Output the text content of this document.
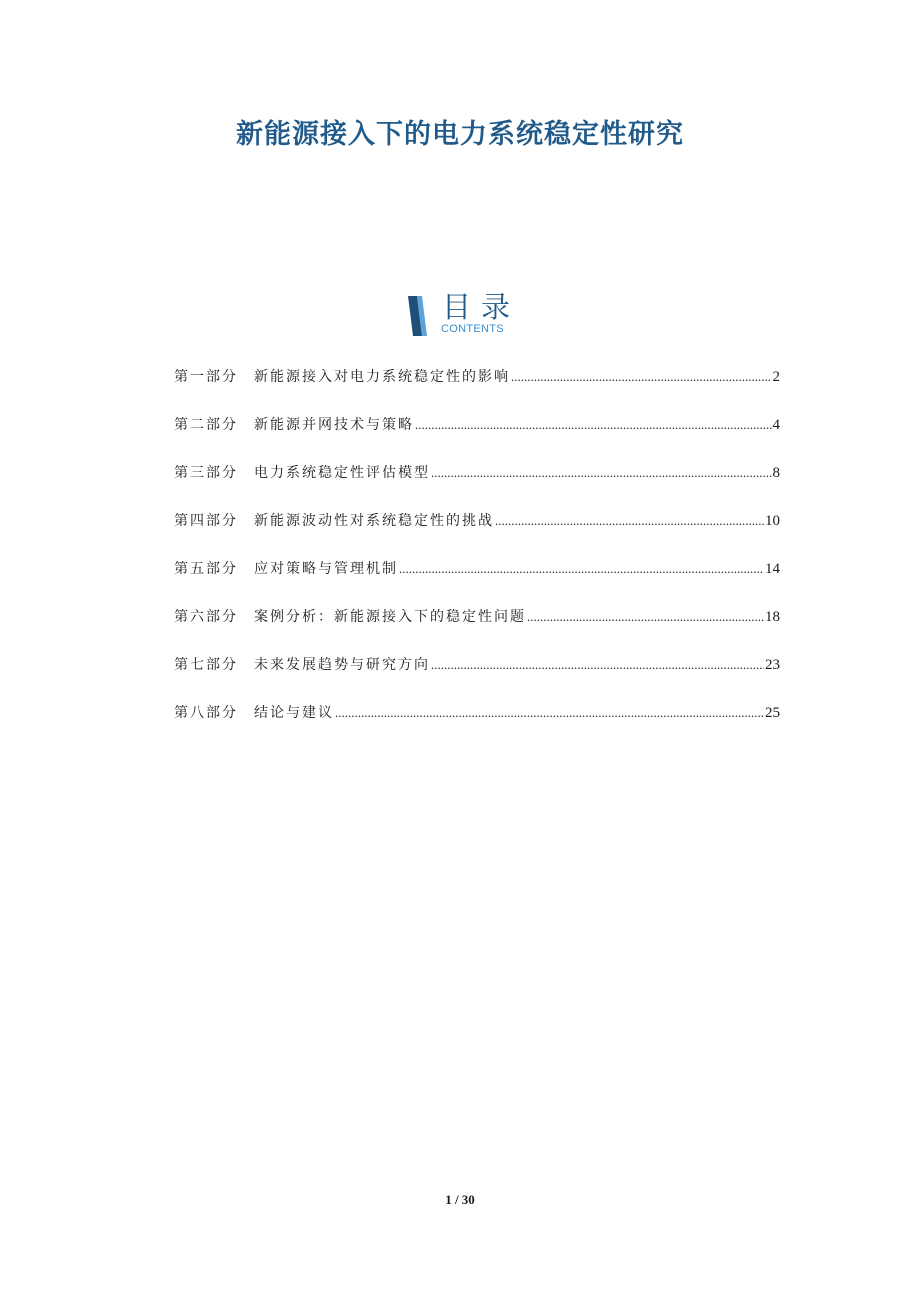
新能源接入下的电力系统稳定性研究
目录
CONTENTS
第一部分	新能源接入对电力系统稳定性的影响 .....	2
第二部分	新能源并网技术与策略 .....	4
第三部分	电力系统稳定性评估模型 .....	8
第四部分	新能源波动性对系统稳定性的挑战 .....	10
第五部分	应对策略与管理机制 .....	14
第六部分	案例分析：新能源接入下的稳定性问题 .....	18
第七部分	未来发展趋势与研究方向 .....	23
第八部分	结论与建议 .....	25
1 / 30
